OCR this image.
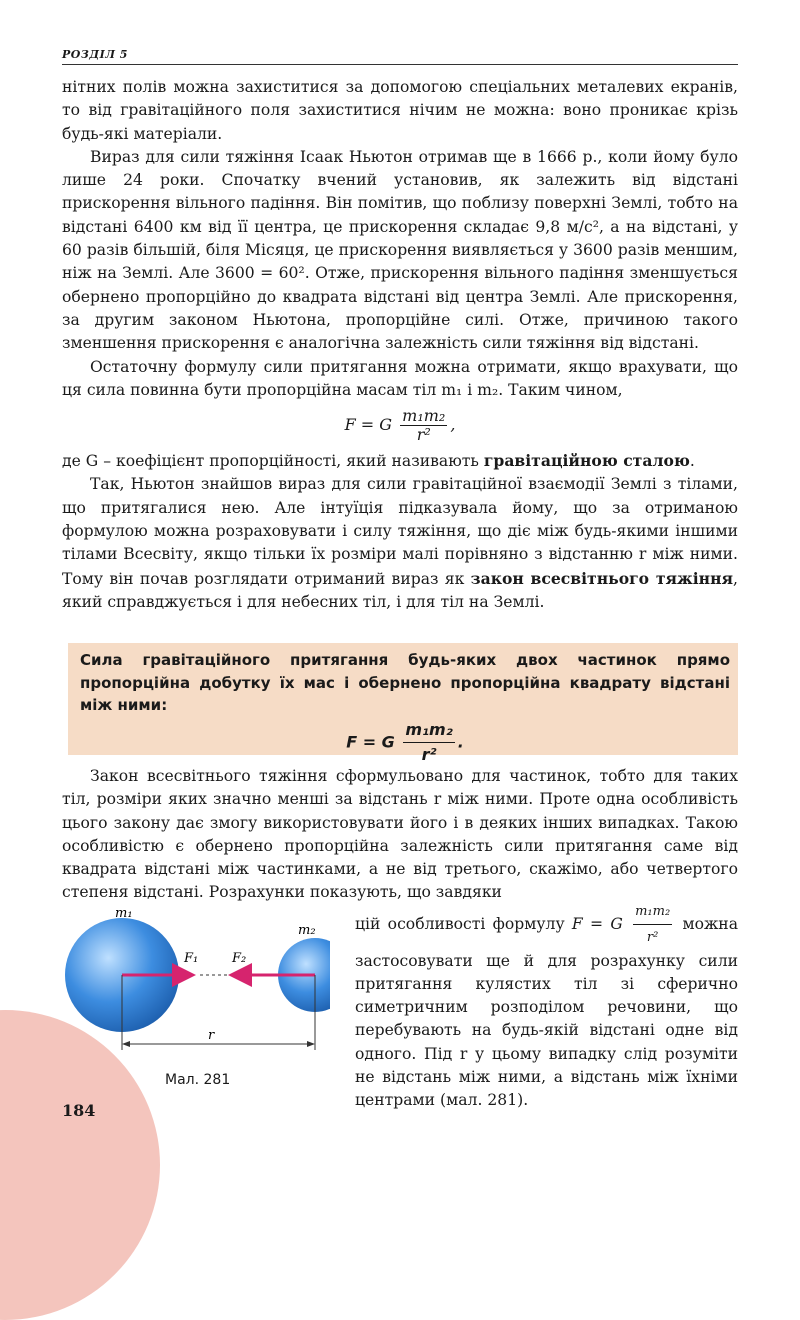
РОЗДІЛ 5

нітних полів можна захиститися за допомогою спеціальних металевих екранів, то від гравітаційного поля захиститися нічим не можна: воно проникає крізь будь-які матеріали.

Вираз для сили тяжіння Ісаак Ньютон отримав ще в 1666 р., коли йому було лише 24 роки. Спочатку вчений установив, як залежить від відстані прискорення вільного падіння. Він помітив, що поблизу поверхні Землі, тобто на відстані 6400 км від її центра, це прискорення складає 9,8 м/с², а на відстані, у 60 разів більшій, біля Місяця, це прискорення виявляється у 3600 разів меншим, ніж на Землі. Але 3600 = 60². Отже, прискорення вільного падіння зменшується обернено пропорційно до квадрата відстані від центра Землі. Але прискорення, за другим законом Ньютона, пропорційне силі. Отже, причиною такого зменшення прискорення є аналогічна залежність сили тяжіння від відстані.

Остаточну формулу сили притягання можна отримати, якщо врахувати, що ця сила повинна бути пропорційна масам тіл m₁ і m₂. Таким чином,

F = G $\frac{\text{m₁m₂}}{\text{r²}}$ ,

де G – коефіцієнт пропорційності, який називають гравітаційною сталою.

Так, Ньютон знайшов вираз для сили гравітаційної взаємодії Землі з тілами, що притягалися нею. Але інтуїція підказувала йому, що за отриманою формулою можна розраховувати і силу тяжіння, що діє між будь-якими іншими тілами Всесвіту, якщо тільки їх розміри малі порівняно з відстанню r між ними. Тому він почав розглядати отриманий вираз як закон всесвітнього тяжіння, який справджується і для небесних тіл, і для тіл на Землі.

Сила гравітаційного притягання будь-яких двох частинок прямо пропорційна добутку їх мас і обернено пропорційна квадрату відстані між ними:
F = G $\frac{\text{m₁m₂}}{\text{r²}}$ .

Закон всесвітнього тяжіння сформульовано для частинок, тобто для таких тіл, розміри яких значно менші за відстань r між ними. Проте одна особливість цього закону дає змогу використовувати його і в деяких інших випадках. Такою особливістю є обернено пропорційна залежність сили притягання саме від квадрата відстані між частинками, а не від третього, скажімо, або четвертого степеня відстані. Розрахунки показують, що завдяки

m₁
m₂
F₁	F₂
r
Мал. 281

цій особливості формулу F = G $\frac{\text{m₁m₂}}{\text{r²}}$ можна застосовувати ще й для розрахунку сили притягання кулястих тіл зі сферично симетричним розподілом речовини, що перебувають на будь-якій відстані одне від одного. Під r у цьому випадку слід розуміти не відстань між ними, а відстань між їхніми центрами (мал. 281).

184
